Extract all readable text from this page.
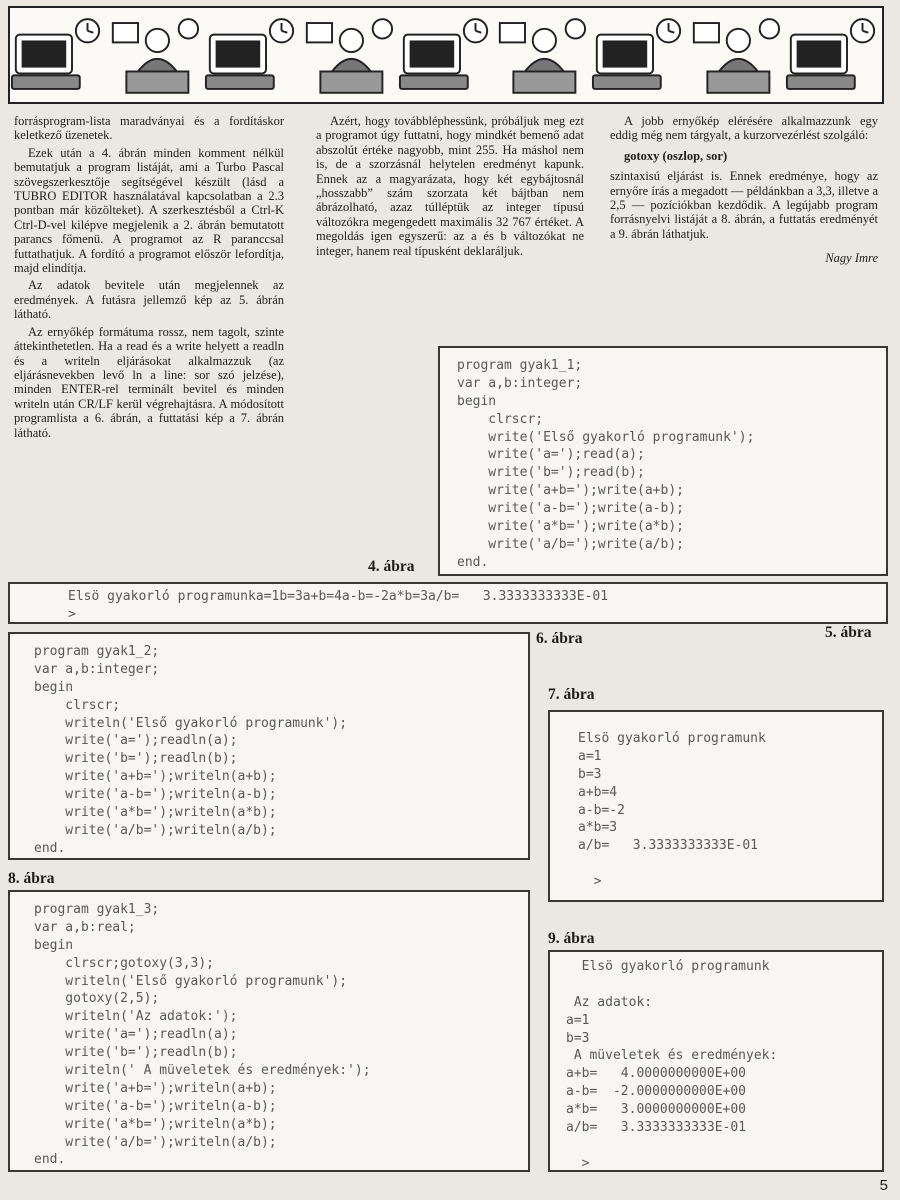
forrásprogram-lista maradványai és a fordításkor keletkező üzenetek.

Ezek után a 4. ábrán minden komment nélkül bemutatjuk a program listáját, ami a Turbo Pascal szövegszerkesztője segítségével készült (lásd a TUBRO EDITOR használatával kapcsolatban a 2.3 pontban már közölteket). A szerkesztésből a Ctrl-K Ctrl-D-vel kilépve megjelenik a 2. ábrán bemutatott parancs főmenü. A programot az R paranccsal futtathatjuk. A fordító a programot először lefordítja, majd elindítja.

Az adatok bevitele után megjelennek az eredmények. A futásra jellemző kép az 5. ábrán látható.

Az ernyőkép formátuma rossz, nem tagolt, szinte áttekinthetetlen. Ha a read és a write helyett a readln és a writeln eljárásokat alkalmazzuk (az eljárásnevekben levő ln a line: sor szó jelzése), minden ENTER-rel terminált bevitel és minden writeln után CR/LF kerül végrehajtásra. A módosított programlista a 6. ábrán, a futtatási kép a 7. ábrán látható.

Azért, hogy továbbléphessünk, próbáljuk meg ezt a programot úgy futtatni, hogy mindkét bemenő adat abszolút értéke nagyobb, mint 255. Ha máshol nem is, de a szorzásnál helytelen eredményt kapunk. Ennek az a magyarázata, hogy két egybájtosnál „hosszabb” szám szorzata két bájtban nem ábrázolható, azaz túlléptük az integer típusú változókra megengedett maximális 32 767 értéket. A megoldás igen egyszerű: az a és b változókat ne integer, hanem real típusként deklaráljuk.

A jobb ernyőkép elérésére alkalmazzunk egy eddig még nem tárgyalt, a kurzorvezérlést szolgáló:

gotoxy (oszlop, sor)

szintaxisú eljárást is. Ennek eredménye, hogy az ernyőre írás a megadott — példánkban a 3,3, illetve a 2,5 — pozíciókban kezdődik. A legújabb program forrásnyelvi listáját a 8. ábrán, a futtatás eredményét a 9. ábrán láthatjuk.

Nagy Imre
program gyak1_1;
var a,b:integer;
begin
clrscr;
write('Első gyakorló programunk');
write('a=');read(a);
write('b=');read(b);
write('a+b=');write(a+b);
write('a-b=');write(a-b);
write('a*b=');write(a*b);
write('a/b=');write(a/b);
end.
4. ábra
Elsö gyakorló programunka=1b=3a+b=4a-b=-2a*b=3a/b=   3.3333333333E-01
>
5. ábra
program gyak1_2;
var a,b:integer;
begin
clrscr;
writeln('Első gyakorló programunk');
write('a=');readln(a);
write('b=');readln(b);
write('a+b=');writeln(a+b);
write('a-b=');writeln(a-b);
write('a*b=');writeln(a*b);
write('a/b=');writeln(a/b);
end.
6. ábra
7. ábra
Elsö gyakorló programunk
a=1
b=3
a+b=4
a-b=-2
a*b=3
a/b=   3.3333333333E-01
>
8. ábra
program gyak1_3;
var a,b:real;
begin
clrscr;gotoxy(3,3);
writeln('Első gyakorló programunk');
gotoxy(2,5);
writeln('Az adatok:');
write('a=');readln(a);
write('b=');readln(b);
writeln(' A müveletek és eredmények:');
write('a+b=');writeln(a+b);
write('a-b=');writeln(a-b);
write('a*b=');writeln(a*b);
write('a/b=');writeln(a/b);
end.
9. ábra
Elsö gyakorló programunk
Az adatok:
a=1
b=3
A müveletek és eredmények:
a+b=   4.0000000000E+00
a-b=  -2.0000000000E+00
a*b=   3.0000000000E+00
a/b=   3.3333333333E-01
>
5
